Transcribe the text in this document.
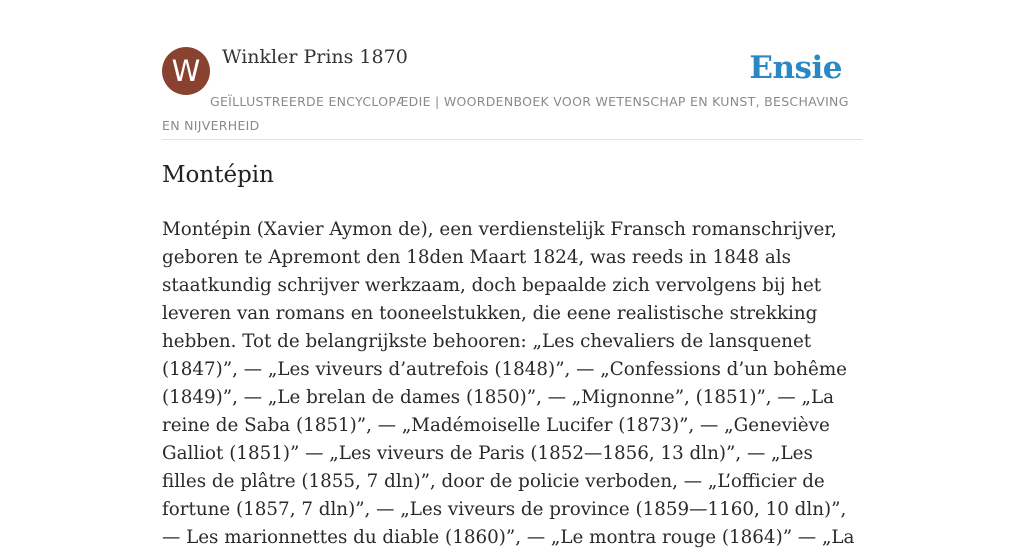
W	Winkler Prins 1870	Ensie
GEÏLLUSTREERDE ENCYCLOPÆDIE | WOORDENBOEK VOOR WETENSCHAP EN KUNST, BESCHAVING EN NIJVERHEID
Montépin

Montépin (Xavier Aymon de), een verdienstelijk Fransch romanschrijver, geboren te Apremont den 18den Maart 1824, was reeds in 1848 als staatkundig schrijver werkzaam, doch bepaalde zich vervolgens bij het leveren van romans en tooneelstukken, die eene realistische strekking hebben. Tot de belangrijkste behooren: „Les chevaliers de lansquenet (1847)”, — „Les viveurs d’autrefois (1848)”, — „Confessions d’un bohême (1849)”, — „Le brelan de dames (1850)”, — „Mignonne”, (1851)”, — „La reine de Saba (1851)”, — „Madémoiselle Lucifer (1873)”, — „Geneviève Galliot (1851)” — „Les viveurs de Paris (1852—1856, 13 dln)”, — „Les filles de plâtre (1855, 7 dln)”, door de policie verboden, — „L’officier de fortune (1857, 7 dln)”, — „Les viveurs de province (1859—1160, 10 dln)”, — Les marionnettes du diable (1860)”, — „Le montra rouge (1864)” — „La
